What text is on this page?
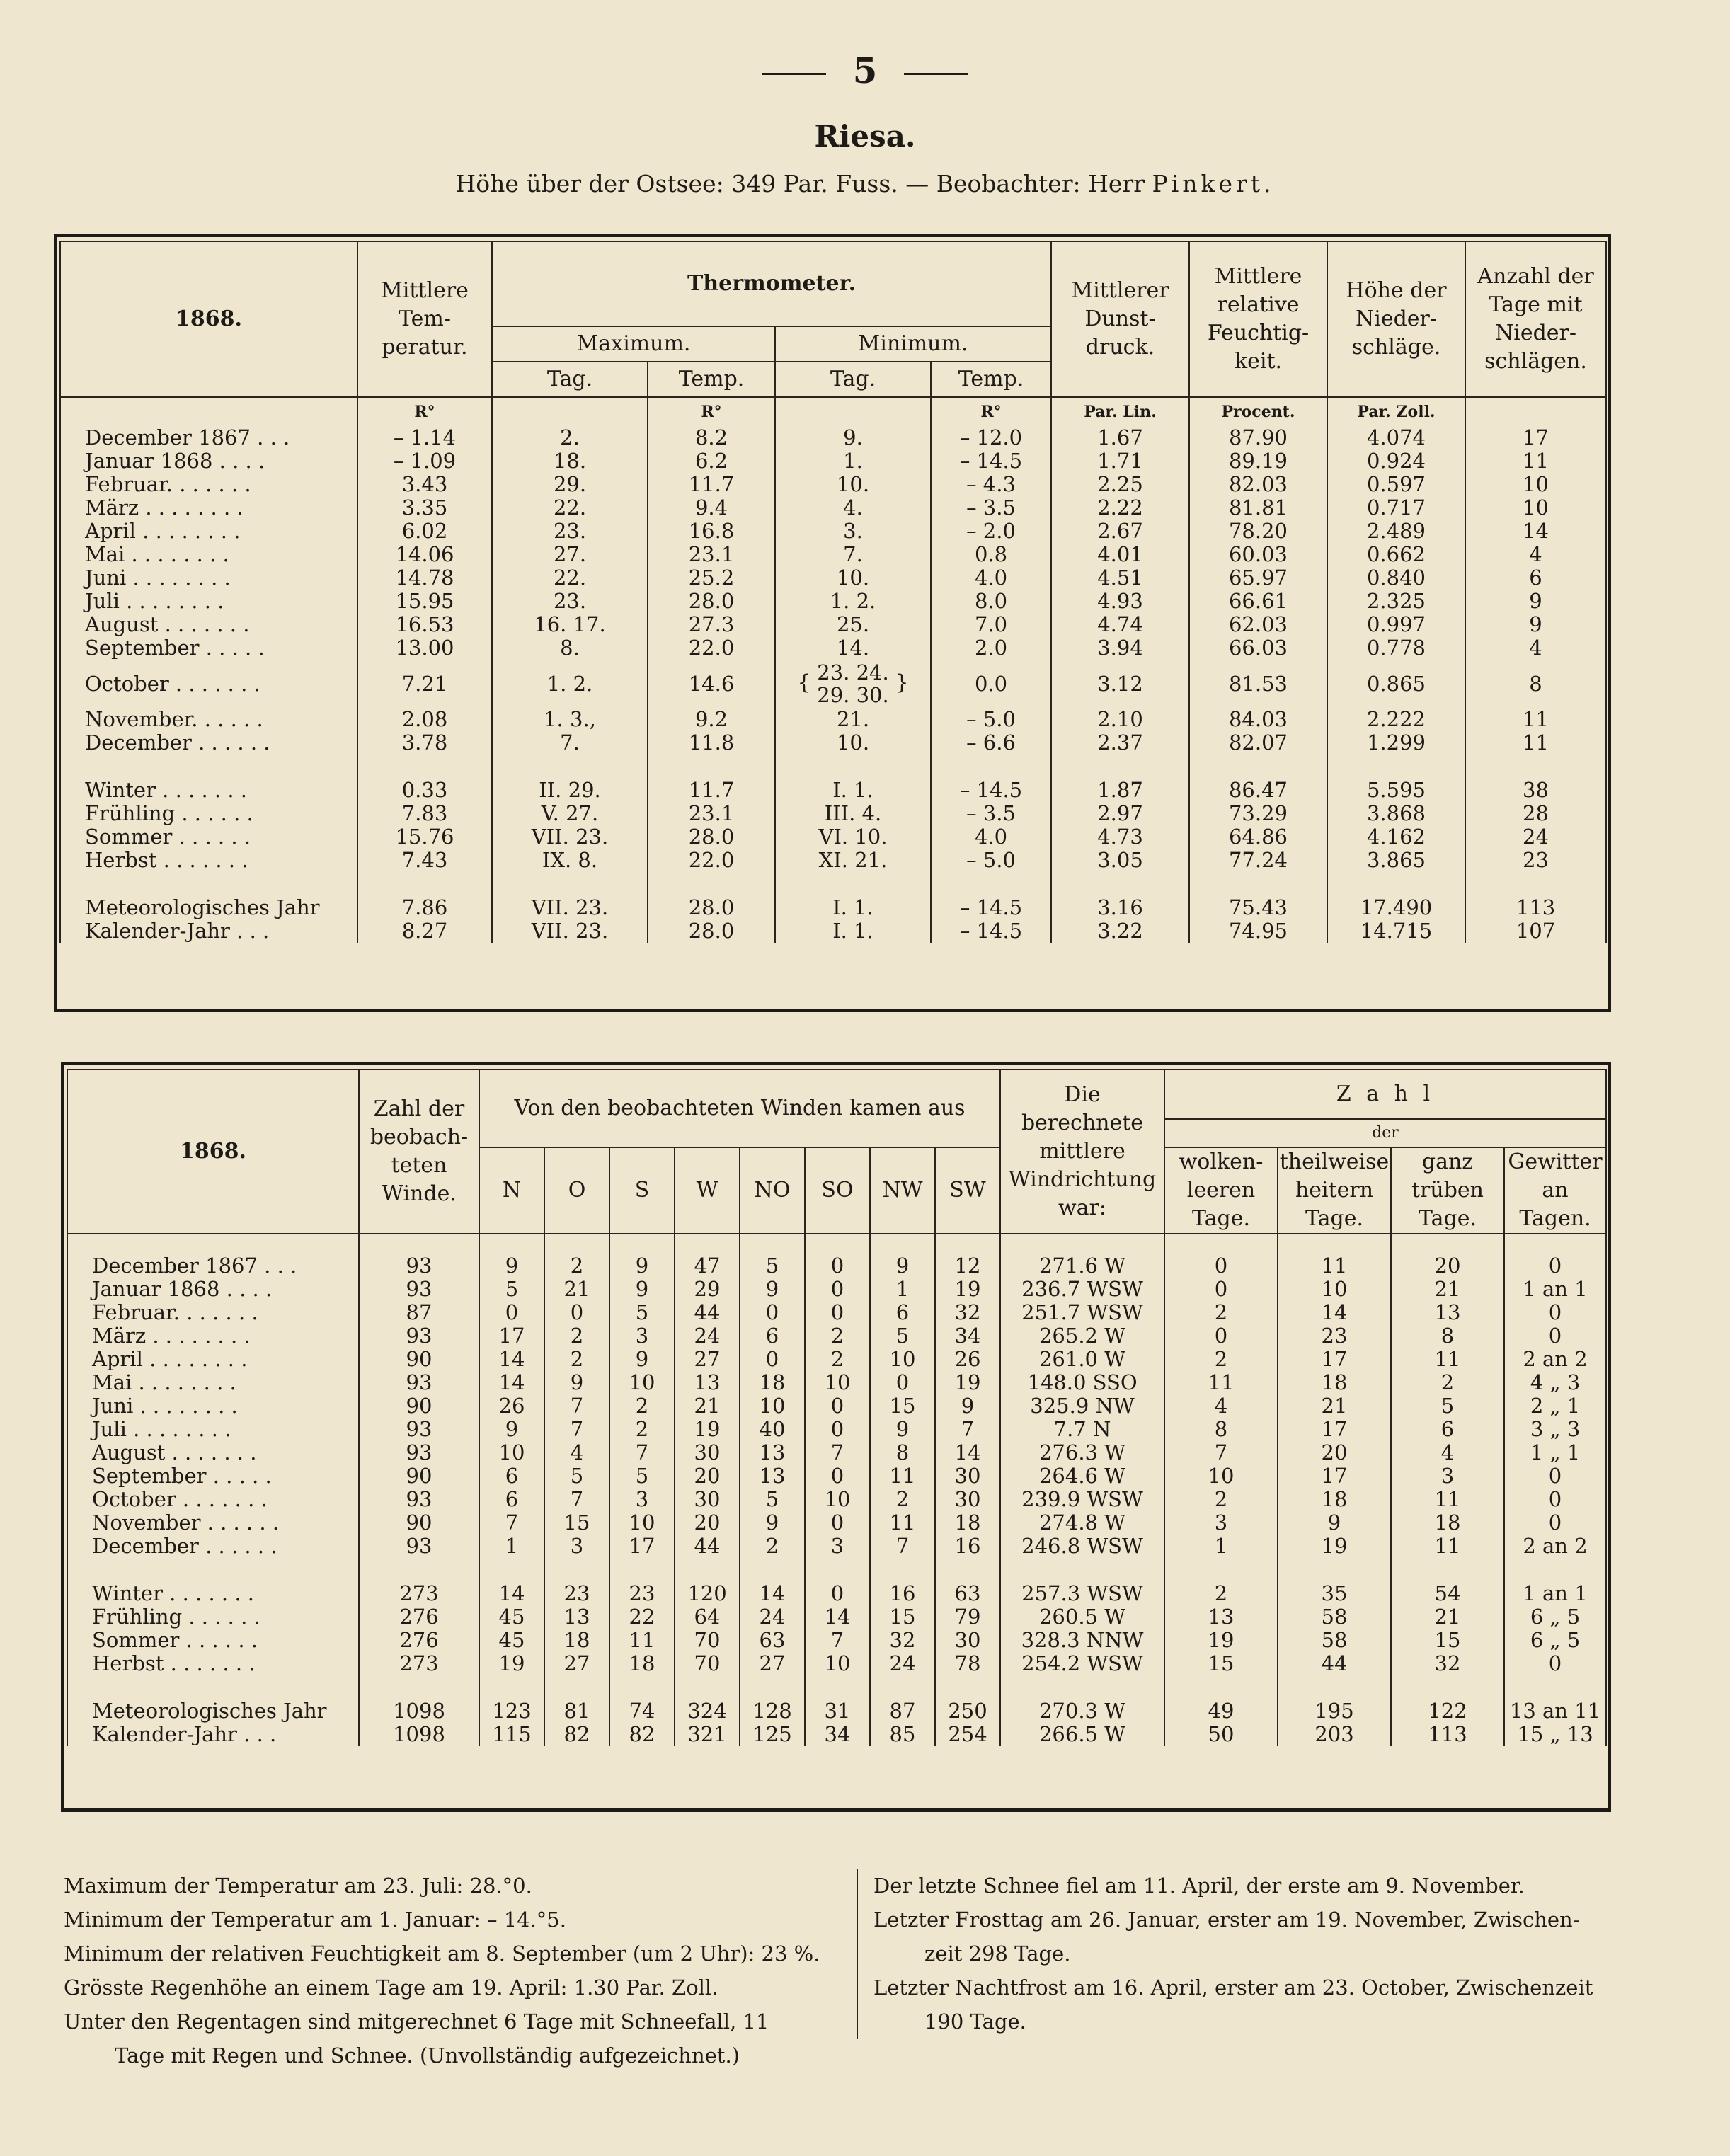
5
Riesa.
Höhe über der Ostsee: 349 Par. Fuss. — Beobachter: Herr Pinkert.
1868.	Mittlere Tem-peratur.	Thermometer.				Mittlerer Dunst-druck.	Mittlere relative Feuchtig-keit.	Höhe der Nieder-schläge.	Anzahl der Tage mit Nieder-schlägen.
		Maximum.		Minimum.					
		Tag.	Temp.	Tag.	Temp.				
	R°		R°		R°	Par. Lin.	Procent.	Par. Zoll.	
December 1867 . . .	– 1.14	2.	8.2	9.	– 12.0	1.67	87.90	4.074	17
Januar 1868 . . . .	– 1.09	18.	6.2	1.	– 14.5	1.71	89.19	0.924	11
Februar. . . . . . .	3.43	29.	11.7	10.	– 4.3	2.25	82.03	0.597	10
März . . . . . . . .	3.35	22.	9.4	4.	– 3.5	2.22	81.81	0.717	10
April . . . . . . . .	6.02	23.	16.8	3.	– 2.0	2.67	78.20	2.489	14
Mai . . . . . . . .	14.06	27.	23.1	7.	0.8	4.01	60.03	0.662	4
Juni . . . . . . . .	14.78	22.	25.2	10.	4.0	4.51	65.97	0.840	6
Juli . . . . . . . .	15.95	23.	28.0	1. 2.	8.0	4.93	66.61	2.325	9
August . . . . . . .	16.53	16. 17.	27.3	25.	7.0	4.74	62.03	0.997	9
September . . . . .	13.00	8.	22.0	14.	2.0	3.94	66.03	0.778	4
October . . . . . . .	7.21	1. 2.	14.6	{ 23. 24.
29. 30. }	0.0	3.12	81.53	0.865	8
November. . . . . .	2.08	1. 3.,	9.2	21.	– 5.0	2.10	84.03	2.222	11
December . . . . . .	3.78	7.	11.8	10.	– 6.6	2.37	82.07	1.299	11

Winter . . . . . . .	0.33	II. 29.	11.7	I. 1.	– 14.5	1.87	86.47	5.595	38
Frühling . . . . . .	7.83	V. 27.	23.1	III. 4.	– 3.5	2.97	73.29	3.868	28
Sommer . . . . . .	15.76	VII. 23.	28.0	VI. 10.	4.0	4.73	64.86	4.162	24
Herbst . . . . . . .	7.43	IX. 8.	22.0	XI. 21.	– 5.0	3.05	77.24	3.865	23

Meteorologisches Jahr	7.86	VII. 23.	28.0	I. 1.	– 14.5	3.16	75.43	17.490	113
Kalender-Jahr . . .	8.27	VII. 23.	28.0	I. 1.	– 14.5	3.22	74.95	14.715	107
1868.	Zahl der beobach-teten Winde.	Von den beobachteten Winden kamen aus								Die berechnete mittlere Windrichtung war:	Z a h l			
											der			
		N	O	S	W	NO	SO	NW	SW		wolken-leeren Tage.	theilweise heitern Tage.	ganz trüben Tage.	Gewitter an Tagen.

December 1867 . . .	93	9	2	9	47	5	0	9	12	271.6 W	0	11	20	0
Januar 1868 . . . .	93	5	21	9	29	9	0	1	19	236.7 WSW	0	10	21	1 an 1
Februar. . . . . . .	87	0	0	5	44	0	0	6	32	251.7 WSW	2	14	13	0
März . . . . . . . .	93	17	2	3	24	6	2	5	34	265.2 W	0	23	8	0
April . . . . . . . .	90	14	2	9	27	0	2	10	26	261.0 W	2	17	11	2 an 2
Mai . . . . . . . .	93	14	9	10	13	18	10	0	19	148.0 SSO	11	18	2	4 „ 3
Juni . . . . . . . .	90	26	7	2	21	10	0	15	9	325.9 NW	4	21	5	2 „ 1
Juli . . . . . . . .	93	9	7	2	19	40	0	9	7	7.7 N	8	17	6	3 „ 3
August . . . . . . .	93	10	4	7	30	13	7	8	14	276.3 W	7	20	4	1 „ 1
September . . . . .	90	6	5	5	20	13	0	11	30	264.6 W	10	17	3	0
October . . . . . . .	93	6	7	3	30	5	10	2	30	239.9 WSW	2	18	11	0
November . . . . . .	90	7	15	10	20	9	0	11	18	274.8 W	3	9	18	0
December . . . . . .	93	1	3	17	44	2	3	7	16	246.8 WSW	1	19	11	2 an 2

Winter . . . . . . .	273	14	23	23	120	14	0	16	63	257.3 WSW	2	35	54	1 an 1
Frühling . . . . . .	276	45	13	22	64	24	14	15	79	260.5 W	13	58	21	6 „ 5
Sommer . . . . . .	276	45	18	11	70	63	7	32	30	328.3 NNW	19	58	15	6 „ 5
Herbst . . . . . . .	273	19	27	18	70	27	10	24	78	254.2 WSW	15	44	32	0

Meteorologisches Jahr	1098	123	81	74	324	128	31	87	250	270.3 W	49	195	122	13 an 11
Kalender-Jahr . . .	1098	115	82	82	321	125	34	85	254	266.5 W	50	203	113	15 „ 13

Maximum der Temperatur am 23. Juli: 28.°0.

Minimum der Temperatur am 1. Januar: – 14.°5.

Minimum der relativen Feuchtigkeit am 8. September (um 2 Uhr): 23 %.

Grösste Regenhöhe an einem Tage am 19. April: 1.30 Par. Zoll.

Unter den Regentagen sind mitgerechnet 6 Tage mit Schneefall, 11

Tage mit Regen und Schnee. (Unvollständig aufgezeichnet.)

Der letzte Schnee fiel am 11. April, der erste am 9. November.

Letzter Frosttag am 26. Januar, erster am 19. November, Zwischen-

zeit 298 Tage.

Letzter Nachtfrost am 16. April, erster am 23. October, Zwischenzeit

190 Tage.
